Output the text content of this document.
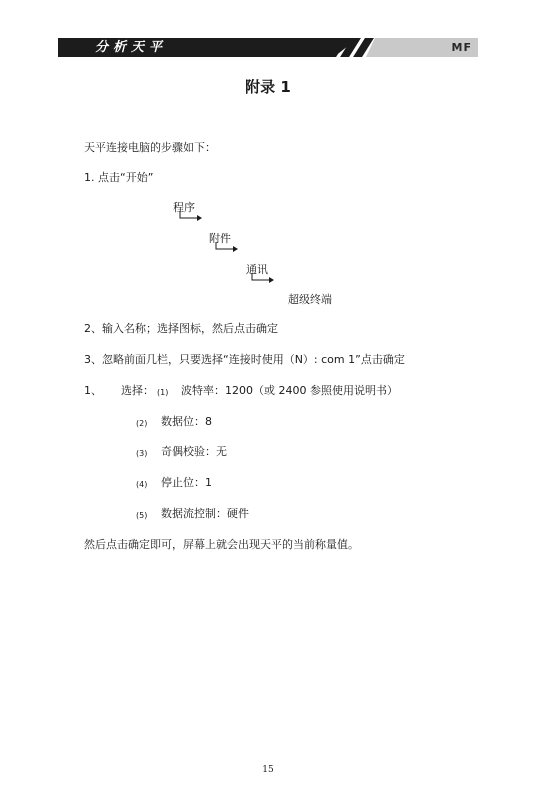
分析天平	MF
附录 1
天平连接电脑的步骤如下：
1. 点击“开始”
程序
附件
通讯
超级终端
2、输入名称；选择图标，然后点击确定
3、忽略前面几栏，只要选择“连接时使用（N）: com 1”点击确定
1、 选择： (1) 波特率：1200（或 2400 参照使用说明书）
(2) 数据位：8
(3) 奇偶校验：无
(4) 停止位：1
(5) 数据流控制：硬件
然后点击确定即可，屏幕上就会出现天平的当前称量值。
15
